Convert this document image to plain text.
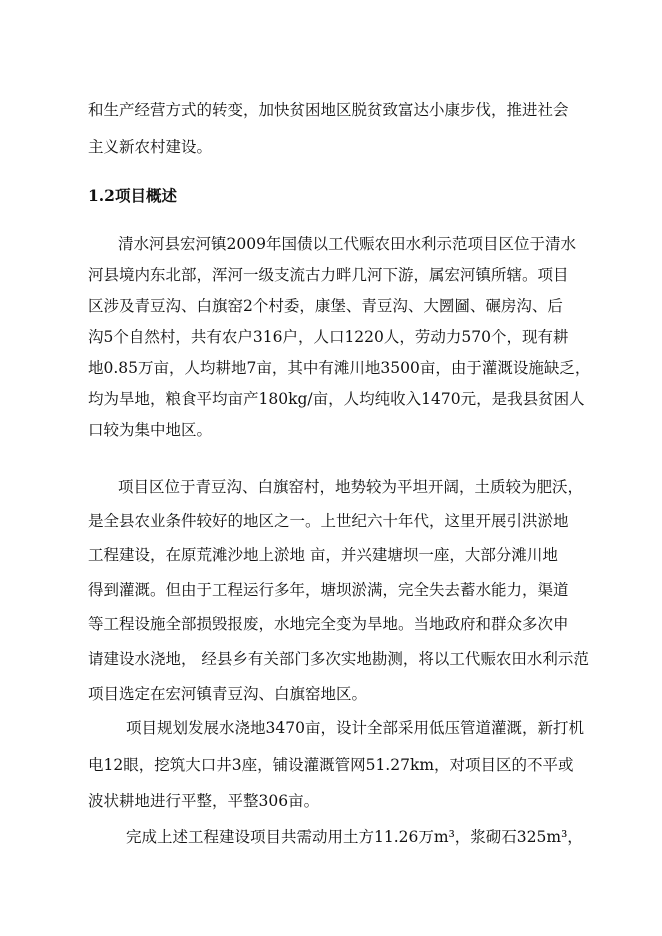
和生产经营方式的转变，加快贫困地区脱贫致富达小康步伐，推进社会
主义新农村建设。
1.2项目概述
清水河县宏河镇2009年国债以工代赈农田水利示范项目区位于清水
河县境内东北部，浑河一级支流古力畔几河下游，属宏河镇所辖。项目
区涉及青豆沟、白旗窑2个村委，康堡、青豆沟、大圐圙、碾房沟、后
沟5个自然村，共有农户316户，人口1220人，劳动力570个，现有耕
地0.85万亩，人均耕地7亩，其中有滩川地3500亩，由于灌溉设施缺乏，
均为旱地，粮食平均亩产180kg/亩，人均纯收入1470元，是我县贫困人
口较为集中地区。
项目区位于青豆沟、白旗窑村，地势较为平坦开阔，土质较为肥沃，
是全县农业条件较好的地区之一。上世纪六十年代，这里开展引洪淤地
工程建设，在原荒滩沙地上淤地 亩，并兴建塘坝一座，大部分滩川地
得到灌溉。但由于工程运行多年，塘坝淤满，完全失去蓄水能力，渠道
等工程设施全部损毁报废，水地完全变为旱地。当地政府和群众多次申
请建设水浇地， 经县乡有关部门多次实地勘测，将以工代赈农田水利示范
项目选定在宏河镇青豆沟、白旗窑地区。
项目规划发展水浇地3470亩，设计全部采用低压管道灌溉，新打机
电12眼，挖筑大口井3座，铺设灌溉管网51.27km，对项目区的不平或
波状耕地进行平整，平整306亩。
完成上述工程建设项目共需动用土方11.26万m³，浆砌石325m³，
